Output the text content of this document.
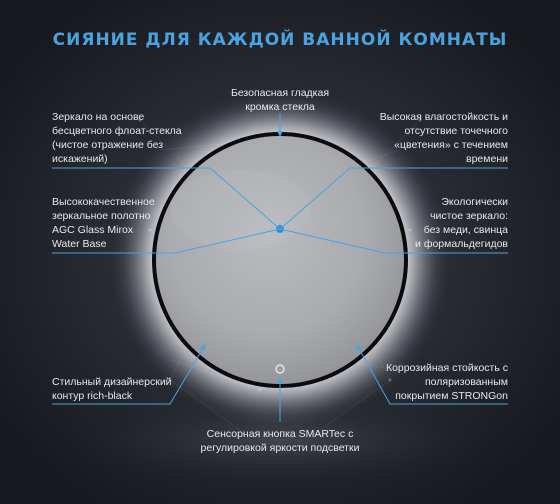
СИЯНИЕ ДЛЯ КАЖДОЙ ВАННОЙ КОМНАТЫ
Безопасная гладкая
кромка стекла
Зеркало на основе
бесцветного флоат-стекла
(чистое отражение без
искажений)
Высокая влагостойкость и
отсутствие точечного
«цветения» с течением
времени
Высококачественное
зеркальное полотно
AGC Glass Mirox
Water Base
Экологически
чистое зеркало:
без меди, свинца
и формальдегидов
Стильный дизайнерский
контур rich-black
Коррозийная стойкость с
поляризованным
покрытием STRONGon
Сенсорная кнопка SMARTec с
регулировкой яркости подсветки
